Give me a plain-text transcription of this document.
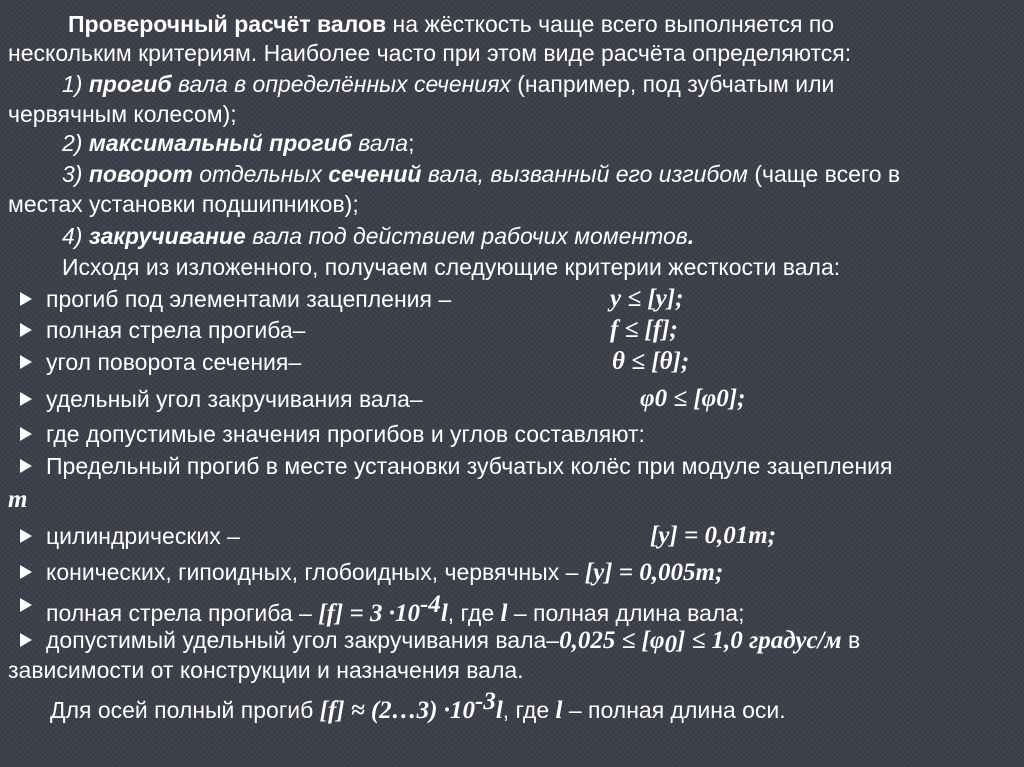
Проверочный расчёт валов на жёсткость чаще всего выполняется по
нескольким критериям. Наиболее часто при этом виде расчёта определяются:
1) прогиб вала в определённых сечениях (например, под зубчатым или
червячным колесом);
2) максимальный прогиб вала;
3) поворот отдельных сечений вала, вызванный его изгибом (чаще всего в
местах установки подшипников);
4) закручивание вала под действием рабочих моментов.
Исходя из изложенного, получаем следующие критерии жесткости вала:
прогиб под элементами зацепления –	y ≤ [y];
полная стрела прогиба–	f ≤ [f];
угол поворота сечения–	θ ≤ [θ];
удельный угол закручивания вала–	φ0 ≤ [φ0];
где допустимые значения прогибов и углов составляют:
Предельный прогиб в месте установки зубчатых колёс при модуле зацепления
m
цилиндрических –	[y] = 0,01m;
конических, гипоидных, глобоидных, червячных – [y] = 0,005m;
полная стрела прогиба – $[f] = 3 \cdot 10^{-4}l$, где l – полная длина вала;
допустимый удельный угол закручивания вала–0,025 ≤ $[\varphi_0] \le 1,0$ градус/м в
зависимости от конструкции и назначения вала.
Для осей полный прогиб [f] ≈ (2…3) $\cdot 10^{-3}l$, где l – полная длина оси.
